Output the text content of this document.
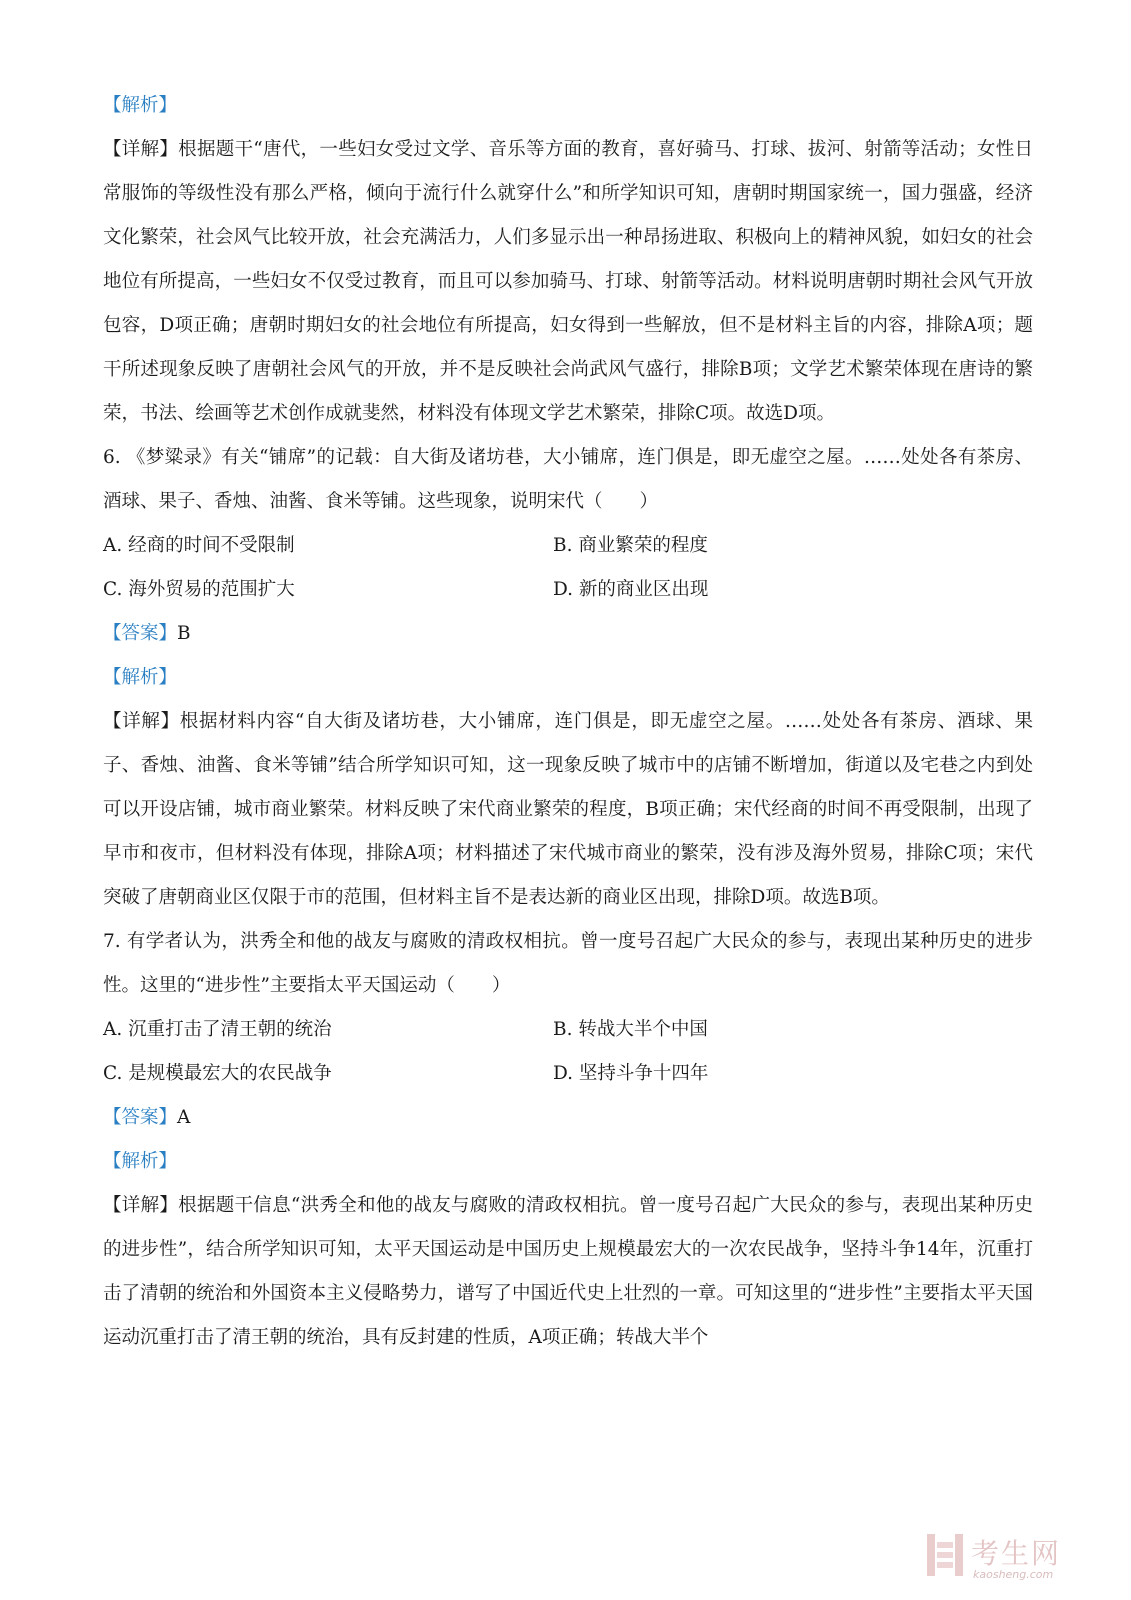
【解析】
【详解】根据题干“唐代，一些妇女受过文学、音乐等方面的教育，喜好骑马、打球、拔河、射箭等活动；女性日常服饰的等级性没有那么严格，倾向于流行什么就穿什么”和所学知识可知，唐朝时期国家统一，国力强盛，经济文化繁荣，社会风气比较开放，社会充满活力，人们多显示出一种昂扬进取、积极向上的精神风貌，如妇女的社会地位有所提高，一些妇女不仅受过教育，而且可以参加骑马、打球、射箭等活动。材料说明唐朝时期社会风气开放包容，D项正确；唐朝时期妇女的社会地位有所提高，妇女得到一些解放，但不是材料主旨的内容，排除A项；题干所述现象反映了唐朝社会风气的开放，并不是反映社会尚武风气盛行，排除B项；文学艺术繁荣体现在唐诗的繁荣，书法、绘画等艺术创作成就斐然，材料没有体现文学艺术繁荣，排除C项。故选D项。
6. 《梦粱录》有关“铺席”的记载：自大街及诸坊巷，大小铺席，连门俱是，即无虚空之屋。……处处各有茶房、酒球、果子、香烛、油酱、食米等铺。这些现象，说明宋代（　　）
A. 经商的时间不受限制	B. 商业繁荣的程度
C. 海外贸易的范围扩大	D. 新的商业区出现
【答案】B
【解析】
【详解】根据材料内容“自大街及诸坊巷，大小铺席，连门俱是，即无虚空之屋。……处处各有茶房、酒球、果子、香烛、油酱、食米等铺”结合所学知识可知，这一现象反映了城市中的店铺不断增加，街道以及宅巷之内到处可以开设店铺，城市商业繁荣。材料反映了宋代商业繁荣的程度，B项正确；宋代经商的时间不再受限制，出现了早市和夜市，但材料没有体现，排除A项；材料描述了宋代城市商业的繁荣，没有涉及海外贸易，排除C项；宋代突破了唐朝商业区仅限于市的范围，但材料主旨不是表达新的商业区出现，排除D项。故选B项。
7. 有学者认为，洪秀全和他的战友与腐败的清政权相抗。曾一度号召起广大民众的参与，表现出某种历史的进步性。这里的“进步性”主要指太平天国运动（　　）
A. 沉重打击了清王朝的统治	B. 转战大半个中国
C. 是规模最宏大的农民战争	D. 坚持斗争十四年
【答案】A
【解析】
【详解】根据题干信息“洪秀全和他的战友与腐败的清政权相抗。曾一度号召起广大民众的参与，表现出某种历史的进步性”，结合所学知识可知，太平天国运动是中国历史上规模最宏大的一次农民战争，坚持斗争14年，沉重打击了清朝的统治和外国资本主义侵略势力，谱写了中国近代史上壮烈的一章。可知这里的“进步性”主要指太平天国运动沉重打击了清王朝的统治，具有反封建的性质，A项正确；转战大半个
考生网
kaosheng.com
